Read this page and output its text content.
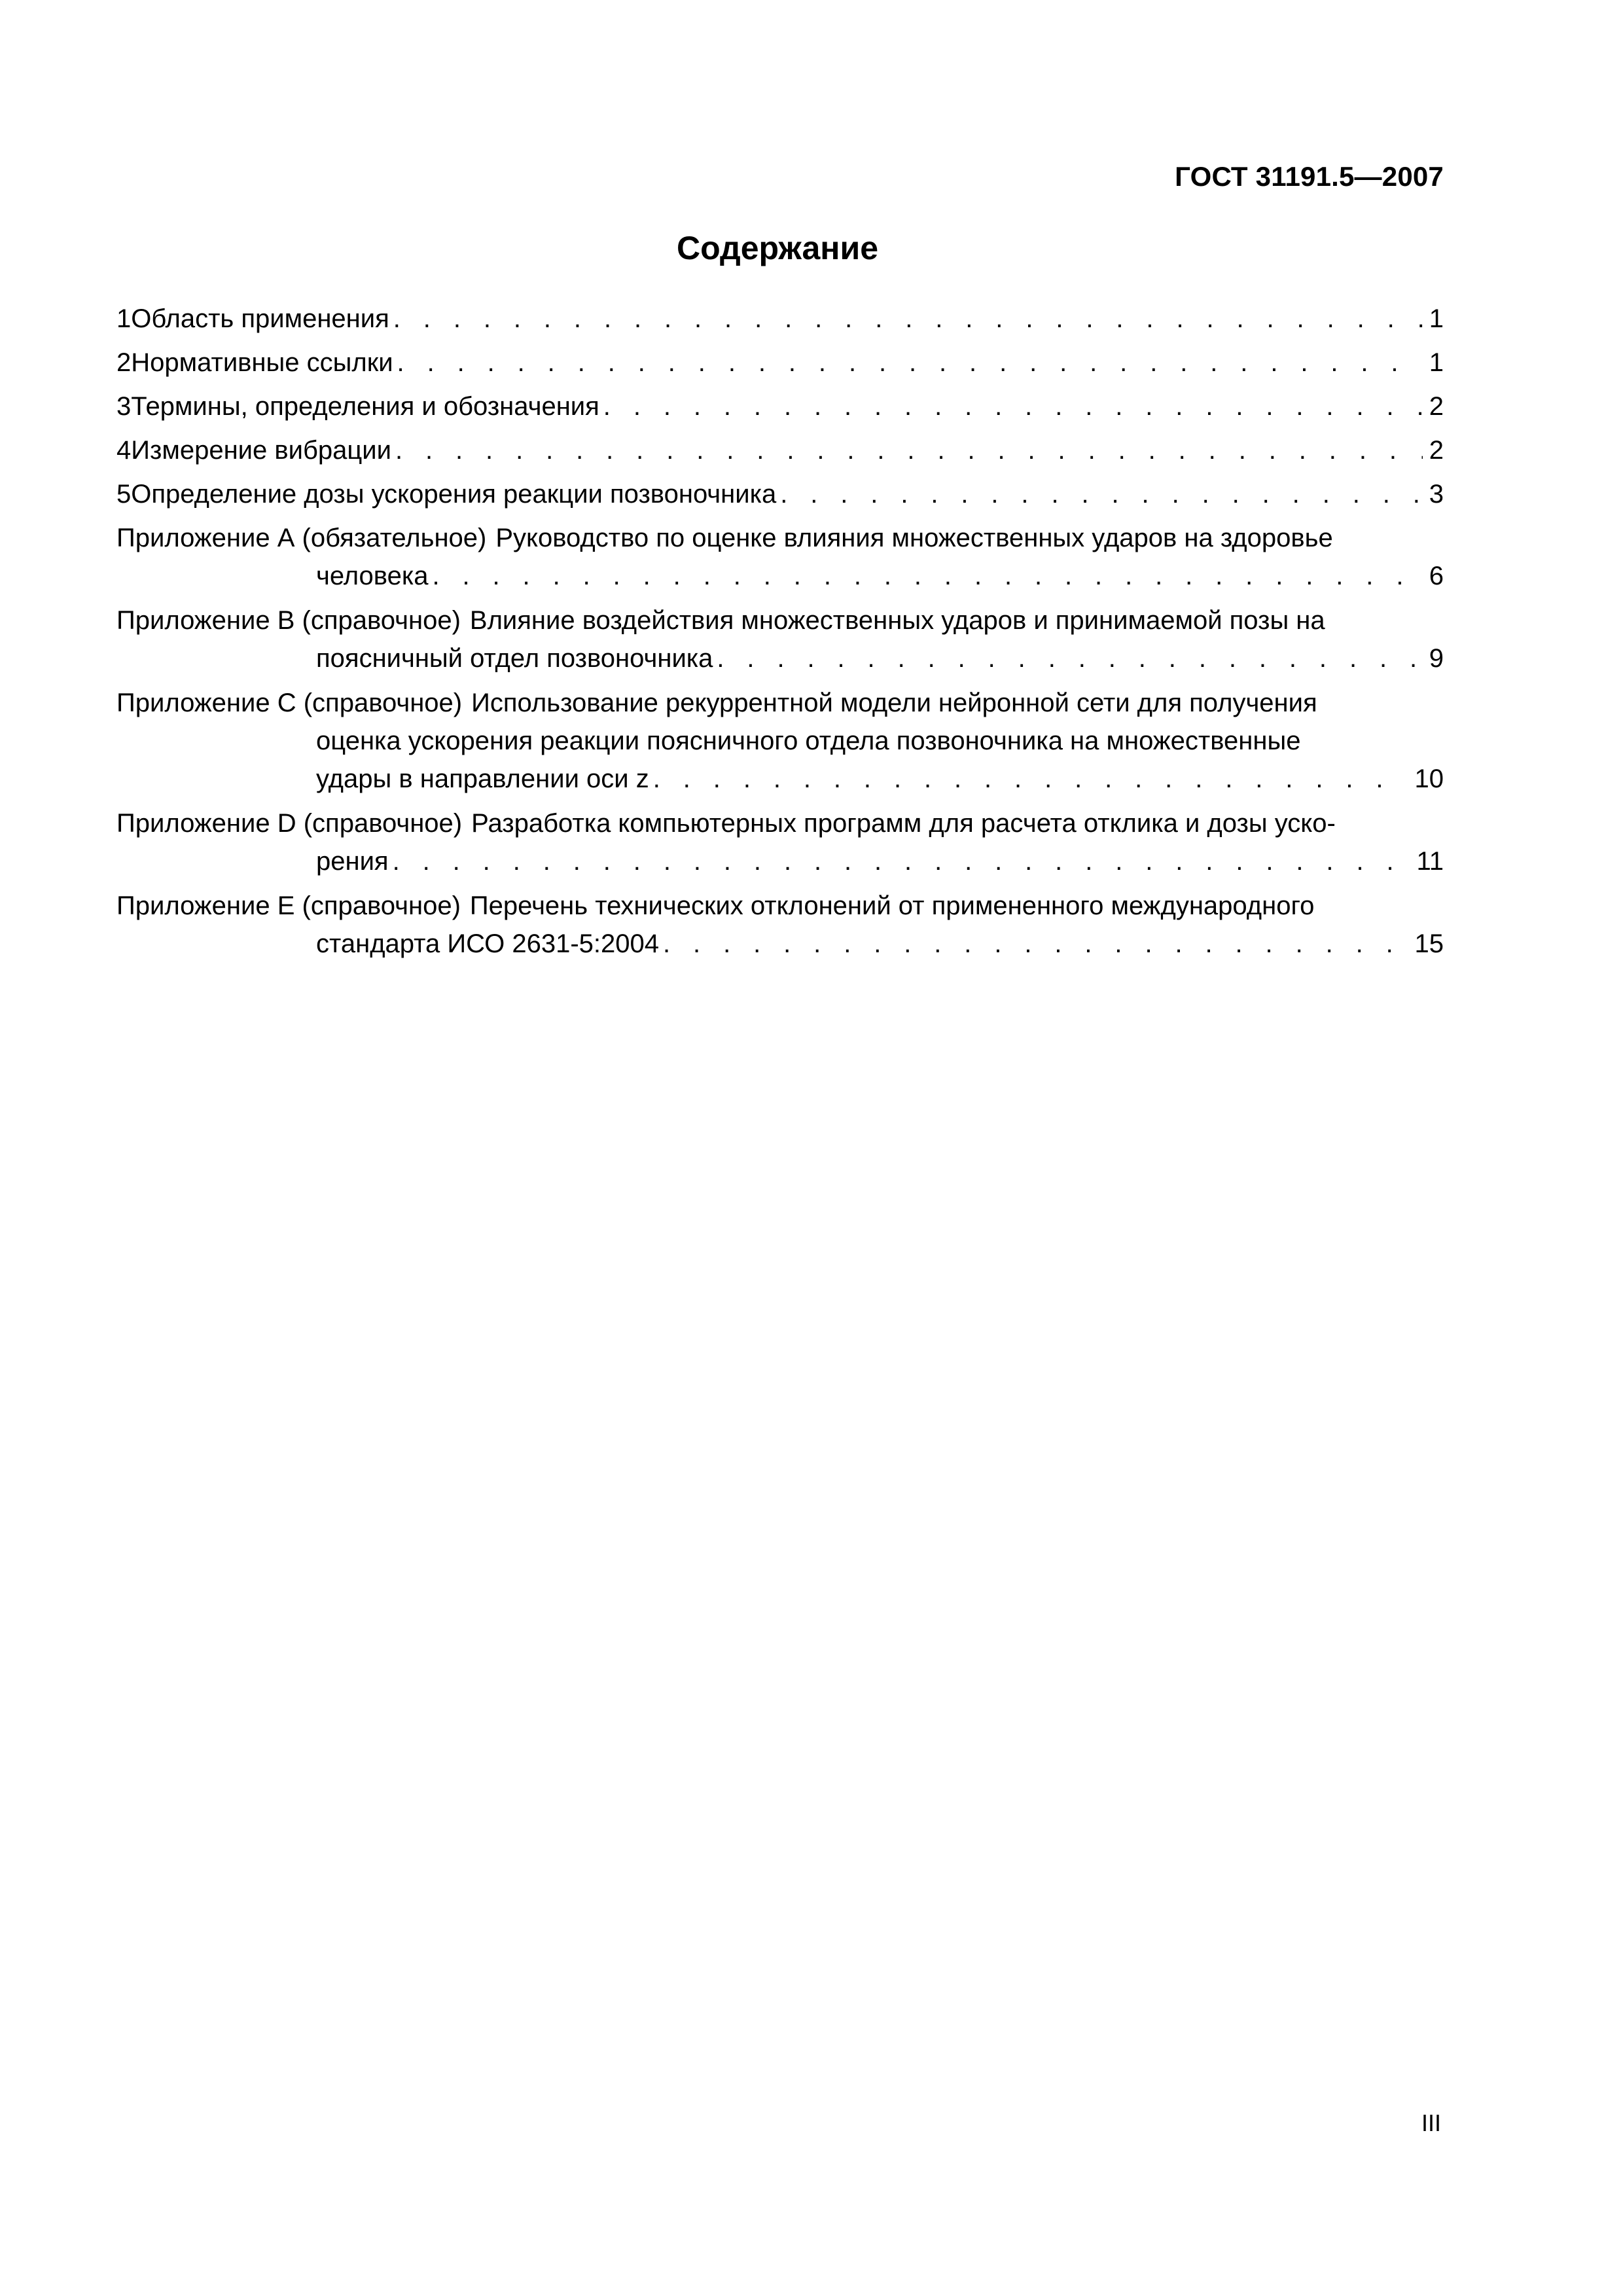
ГОСТ 31191.5—2007
Содержание
1 Область применения . . .	1
2 Нормативные ссылки . . .	1
3 Термины, определения и обозначения . . .	2
4 Измерение вибрации . . .	2
5 Определение дозы ускорения реакции позвоночника . . .	3
Приложение А (обязательное) Руководство по оценке влияния множественных ударов на здоровье
человека . . .	6
Приложение В (справочное) Влияние воздействия множественных ударов и принимаемой позы на
поясничный отдел позвоночника . . .	9
Приложение С (справочное) Использование рекуррентной модели нейронной сети для получения
оценка ускорения реакции поясничного отдела позвоночника на множественные
удары в направлении оси z . . .	10
Приложение D (справочное) Разработка компьютерных программ для расчета отклика и дозы уско-
рения . . .	11
Приложение Е (справочное) Перечень технических отклонений от примененного международного
стандарта ИСО 2631-5:2004 . . .	15
III
